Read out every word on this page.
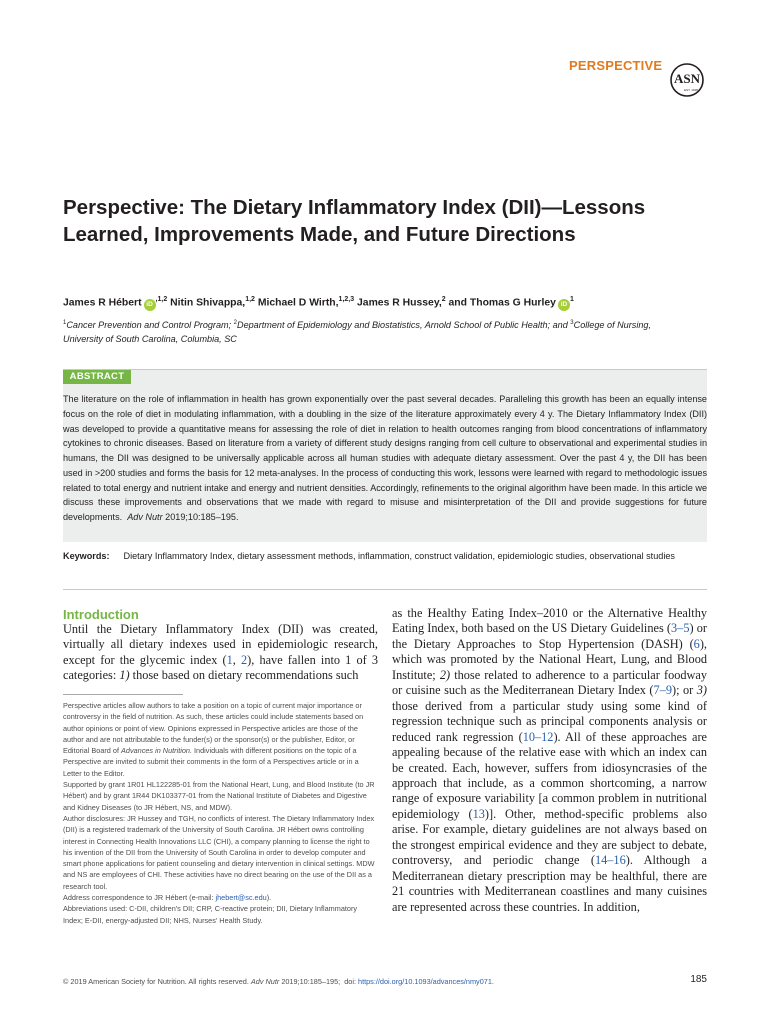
PERSPECTIVE
ASN
EST. 1928
Perspective: The Dietary Inflammatory Index (DII)—Lessons Learned, Improvements Made, and Future Directions
James R Hébert $iD^{,1,2}$ Nitin Shivappa,$^{1,2}$ Michael D Wirth,$^{1,2,3}$ James R Hussey,$^2$ and Thomas G Hurley $iD^1$
$^1$Cancer Prevention and Control Program; $^2$Department of Epidemiology and Biostatistics, Arnold School of Public Health; and $^3$College of Nursing,
University of South Carolina, Columbia, SC
ABSTRACT
The literature on the role of inflammation in health has grown exponentially over the past several decades. Paralleling this growth has been an equally intense focus on the role of diet in modulating inflammation, with a doubling in the size of the literature approximately every 4 y. The Dietary Inflammatory Index (DII) was developed to provide a quantitative means for assessing the role of diet in relation to health outcomes ranging from blood concentrations of inflammatory cytokines to chronic diseases. Based on literature from a variety of different study designs ranging from cell culture to observational and experimental studies in humans, the DII was designed to be universally applicable across all human studies with adequate dietary assessment. Over the past 4 y, the DII has been used in >200 studies and forms the basis for 12 meta-analyses. In the process of conducting this work, lessons were learned with regard to methodologic issues related to total energy and nutrient intake and energy and nutrient densities. Accordingly, refinements to the original algorithm have been made. In this article we discuss these improvements and observations that we made with regard to misuse and misinterpretation of the DII and provide suggestions for future developments. Adv Nutr 2019;10:185–195.
Keywords: Dietary Inflammatory Index, dietary assessment methods, inflammation, construct validation, epidemiologic studies, observational studies
Introduction
Until the Dietary Inflammatory Index (DII) was created, virtually all dietary indexes used in epidemiologic research, except for the glycemic index (1, 2), have fallen into 1 of 3 categories: 1) those based on dietary recommendations such

Perspective articles allow authors to take a position on a topic of current major importance or controversy in the field of nutrition. As such, these articles could include statements based on author opinions or point of view. Opinions expressed in Perspective articles are those of the author and are not attributable to the funder(s) or the sponsor(s) or the publisher, Editor, or Editorial Board of Advances in Nutrition. Individuals with different positions on the topic of a Perspective are invited to submit their comments in the form of a Perspectives article or in a Letter to the Editor.

Supported by grant 1R01 HL122285-01 from the National Heart, Lung, and Blood Institute (to JR Hébert) and by grant 1R44 DK103377-01 from the National Institute of Diabetes and Digestive and Kidney Diseases (to JR Hébert, NS, and MDW).

Author disclosures: JR Hussey and TGH, no conflicts of interest. The Dietary Inflammatory Index (DII) is a registered trademark of the University of South Carolina. JR Hébert owns controlling interest in Connecting Health Innovations LLC (CHI), a company planning to license the right to his invention of the DII from the University of South Carolina in order to develop computer and smart phone applications for patient counseling and dietary intervention in clinical settings. MDW and NS are employees of CHI. These activities have no direct bearing on the use of the DII as a research tool.

Address correspondence to JR Hébert (e-mail: jhebert@sc.edu).

Abbreviations used: C-DII, children's DII; CRP, C-reactive protein; DII, Dietary Inflammatory Index; E-DII, energy-adjusted DII; NHS, Nurses' Health Study.

as the Healthy Eating Index–2010 or the Alternative Healthy Eating Index, both based on the US Dietary Guidelines (3–5) or the Dietary Approaches to Stop Hypertension (DASH) (6), which was promoted by the National Heart, Lung, and Blood Institute; 2) those related to adherence to a particular foodway or cuisine such as the Mediterranean Dietary Index (7–9); or 3) those derived from a particular study using some kind of regression technique such as principal components analysis or reduced rank regression (10–12). All of these approaches are appealing because of the relative ease with which an index can be created. Each, however, suffers from idiosyncrasies of the approach that include, as a common shortcoming, a narrow range of exposure variability [a common problem in nutritional epidemiology (13)]. Other, method-specific problems also arise. For example, dietary guidelines are not always based on the strongest empirical evidence and they are subject to debate, controversy, and periodic change (14–16). Although a Mediterranean dietary prescription may be healthful, there are 21 countries with Mediterranean coastlines and many cuisines are represented across these countries. In addition,
© 2019 American Society for Nutrition. All rights reserved. Adv Nutr 2019;10:185–195; doi: https://doi.org/10.1093/advances/nmy071.	185
